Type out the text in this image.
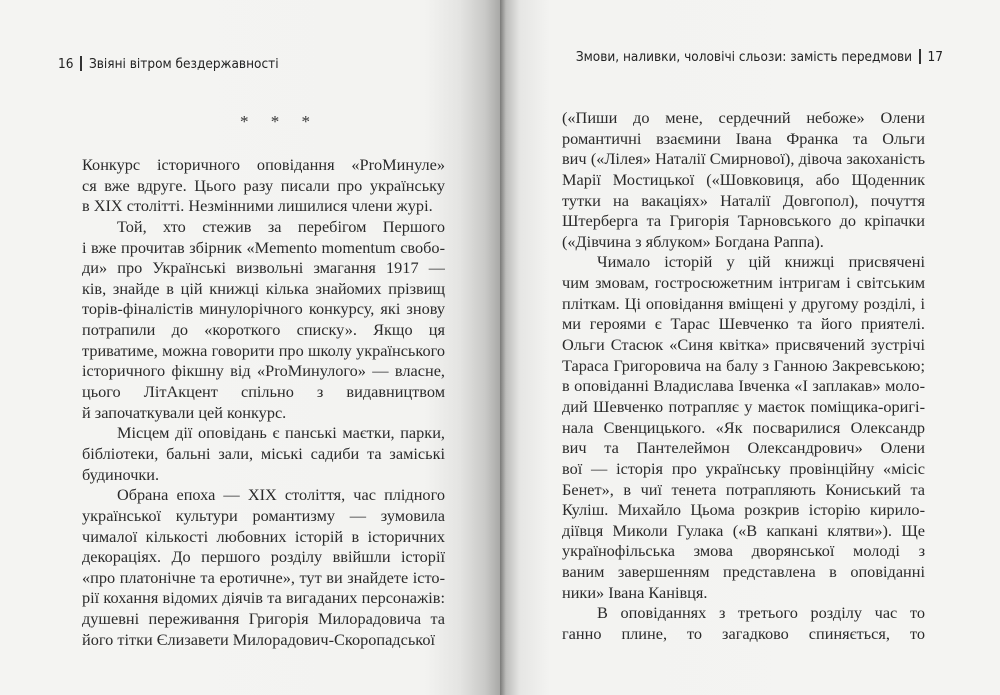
16 Звіяні вітром бездержавності
* * *
Конкурс історичного оповідання «ProМинуле»
ся вже вдруге. Цього разу писали про українську
в XIX столітті. Незмінними лишилися члени журі.
Той, хто стежив за перебігом Першого
і вже прочитав збірник «Memento momentum свобо-
ди» про Українські визвольні змагання 1917 —
ків, знайде в цій книжці кілька знайомих прізвищ
торів-фіналістів минулорічного конкурсу, які знову
потрапили до «короткого списку». Якщо ця
триватиме, можна говорити про школу українського
історичного фікшну від «ProМинулого» — власне,
цього ЛітАкцент спільно з видавництвом
й започаткували цей конкурс.
Місцем дії оповідань є панські маєтки, парки,
бібліотеки, бальні зали, міські садиби та заміські
будиночки.
Обрана епоха — XIX століття, час плідного
української культури романтизму — зумовила
чималої кількості любовних історій в історичних
декораціях. До першого розділу ввійшли історії
«про платонічне та еротичне», тут ви знайдете істо-
рії кохання відомих діячів та вигаданих персонажів:
душевні переживання Григорія Милорадовича та
його тітки Єлизавети Милорадович-Скоропадської
Змови, наливки, чоловічі сльози: замість передмови 17
(«Пиши до мене, сердечний небоже» Олени
романтичні взаємини Івана Франка та Ольги
вич («Лілея» Наталії Смирнової), дівоча закоханість
Марії Мостицької («Шовковиця, або Щоденник
тутки на вакаціях» Наталії Довгопол), почуття
Штерберга та Григорія Тарновського до кріпачки
(«Дівчина з яблуком» Богдана Раппа).
Чимало історій у цій книжці присвячені
чим змовам, гостросюжетним інтригам і світським
пліткам. Ці оповідання вміщені у другому розділі, і
ми героями є Тарас Шевченко та його приятелі.
Ольги Стасюк «Синя квітка» присвячений зустрічі
Тараса Григоровича на балу з Ганною Закревською;
в оповіданні Владислава Івченка «І заплакав» моло-
дий Шевченко потрапляє у маєток поміщика-оригі-
нала Свенцицького. «Як посварилися Олександр
вич та Пантелеймон Олександрович» Олени
вої — історія про українську провінційну «місіс
Бенет», в чиї тенета потрапляють Кониський та
Куліш. Михайло Цьома розкрив історію кирило-
діївця Миколи Гулака («В капкані клятви»). Ще
українофільська змова дворянської молоді з
ваним завершенням представлена в оповіданні
ники» Івана Канівця.
В оповіданнях з третього розділу час то
ганно плине, то загадково спиняється, то
